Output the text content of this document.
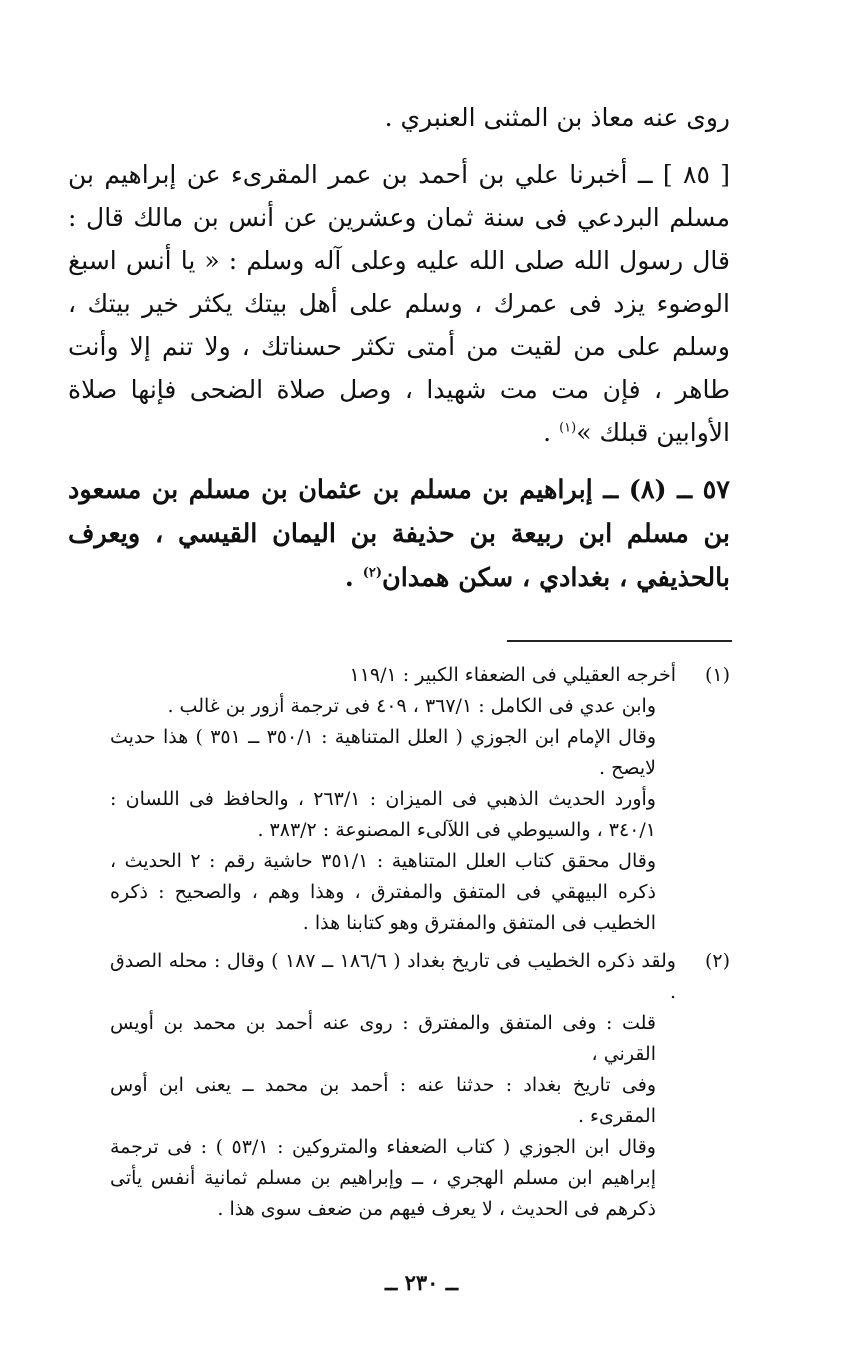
روى عنه معاذ بن المثنى العنبري .

[ ٨٥ ] ــ أخبرنا علي بن أحمد بن عمر المقرىء عن إبراهيم بن مسلم البردعي فى سنة ثمان وعشرين عن أنس بن مالك قال : قال رسول الله صلى الله عليه وعلى آله وسلم : « يا أنس اسبغ الوضوء يزد فى عمرك ، وسلم على أهل بيتك يكثر خير بيتك ، وسلم على من لقيت من أمتى تكثر حسناتك ، ولا تنم إلا وأنت طاهر ، فإن مت مت شهيدا ، وصل صلاة الضحى فإنها صلاة الأوابين قبلك »$^{(١)}$ .

٥٧ ــ (٨) ــ إبراهيم بن مسلم بن عثمان بن مسلم بن مسعود بن مسلم ابن ربيعة بن حذيفة بن اليمان القيسي ، ويعرف بالحذيفي ، بغدادي ، سكن همدان$^{(٢)}$ .

(١)
أخرجه العقيلي فى الضعفاء الكبير : ١١٩/١
وابن عدي فى الكامل : ٣٦٧/١ ، ٤٠٩ فى ترجمة أزور بن غالب .
وقال الإمام ابن الجوزي ( العلل المتناهية : ٣٥٠/١ ــ ٣٥١ ) هذا حديث لايصح .
وأورد الحديث الذهبي فى الميزان : ٢٦٣/١ ، والحافظ فى اللسان : ٣٤٠/١ ، والسيوطي فى اللآلىء المصنوعة : ٣٨٣/٢ .
وقال محقق كتاب العلل المتناهية : ٣٥١/١ حاشية رقم : ٢ الحديث ، ذكره البيهقي فى المتفق والمفترق ، وهذا وهم ، والصحيح : ذكره الخطيب فى المتفق والمفترق وهو كتابنا هذا .
(٢)
ولقد ذكره الخطيب فى تاريخ بغداد ( ١٨٦/٦ ــ ١٨٧ ) وقال : محله الصدق .
قلت : وفى المتفق والمفترق : روى عنه أحمد بن محمد بن أويس القرني ،
وفى تاريخ بغداد : حدثنا عنه : أحمد بن محمد ــ يعنى ابن أوس المقرىء .
وقال ابن الجوزي ( كتاب الضعفاء والمتروكين : ٥٣/١ ) : فى ترجمة إبراهيم ابن مسلم الهجري ، ــ وإبراهيم بن مسلم ثمانية أنفس يأتى ذكرهم فى الحديث ، لا يعرف فيهم من ضعف سوى هذا .
ــ ٢٣٠ ــ
